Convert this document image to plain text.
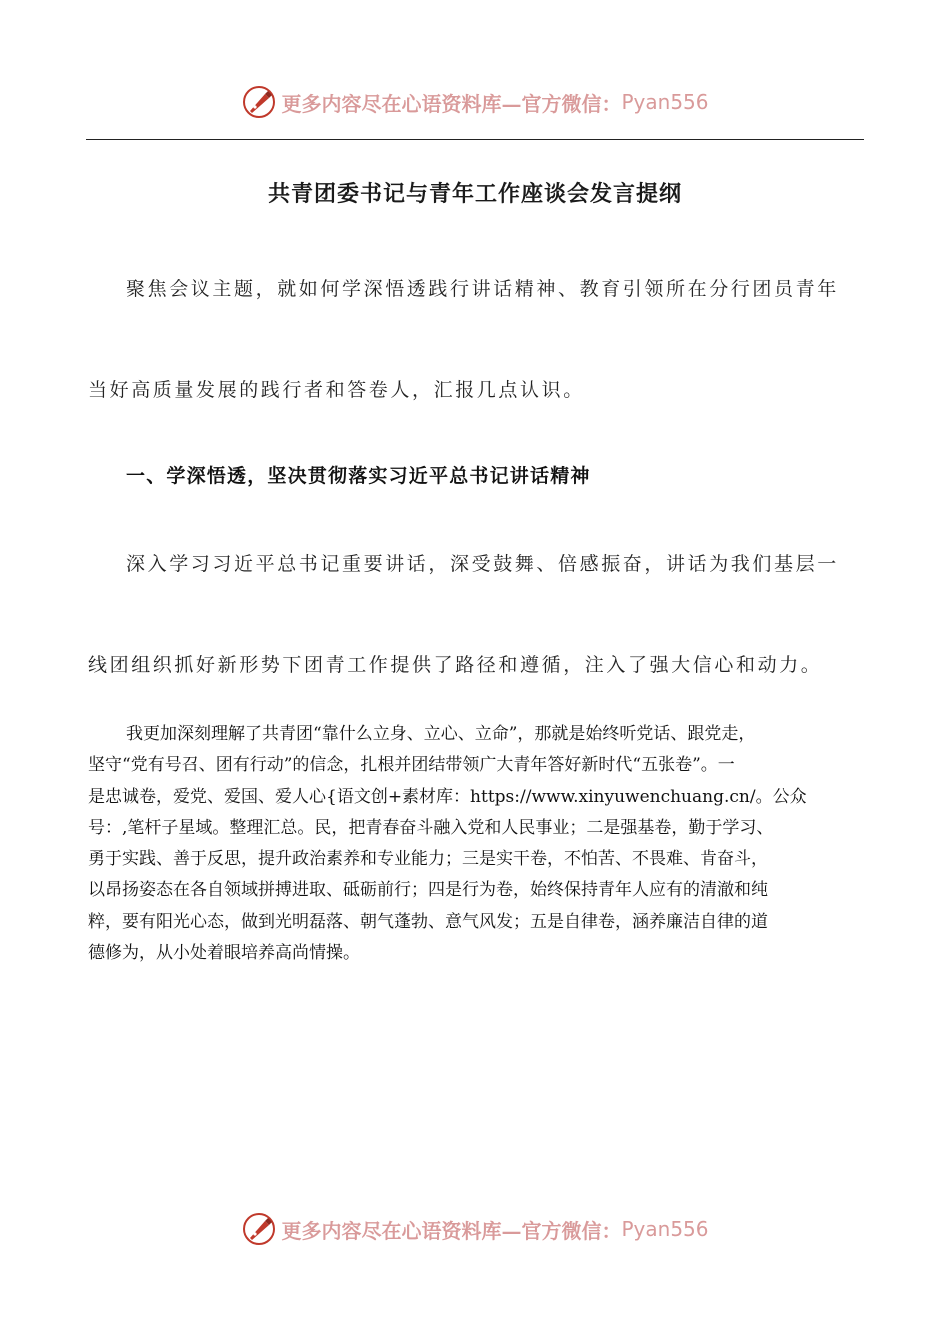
更多内容尽在心语资料库—官方微信： Pyan556
共青团委书记与青年工作座谈会发言提纲
聚焦会议主题，就如何学深悟透践行讲话精神、教育引领所在分行团员青年
当好高质量发展的践行者和答卷人，汇报几点认识。
一、学深悟透，坚决贯彻落实习近平总书记讲话精神
深入学习习近平总书记重要讲话，深受鼓舞、倍感振奋，讲话为我们基层一
线团组织抓好新形势下团青工作提供了路径和遵循，注入了强大信心和动力。
我更加深刻理解了共青团“靠什么立身、立心、立命”，那就是始终听党话、跟党走，
坚守“党有号召、团有行动”的信念，扎根并团结带领广大青年答好新时代“五张卷”。一
是忠诚卷，爱党、爱国、爱人心{语文创+素材库：https://www.xinyuwenchuang.cn/。公众
号：,笔杆子星域。整理汇总。民，把青春奋斗融入党和人民事业；二是强基卷，勤于学习、
勇于实践、善于反思，提升政治素养和专业能力；三是实干卷，不怕苦、不畏难、肯奋斗，
以昂扬姿态在各自领域拼搏进取、砥砺前行；四是行为卷，始终保持青年人应有的清澈和纯
粹，要有阳光心态，做到光明磊落、朝气蓬勃、意气风发；五是自律卷，涵养廉洁自律的道
德修为，从小处着眼培养高尚情操。
更多内容尽在心语资料库—官方微信： Pyan556
